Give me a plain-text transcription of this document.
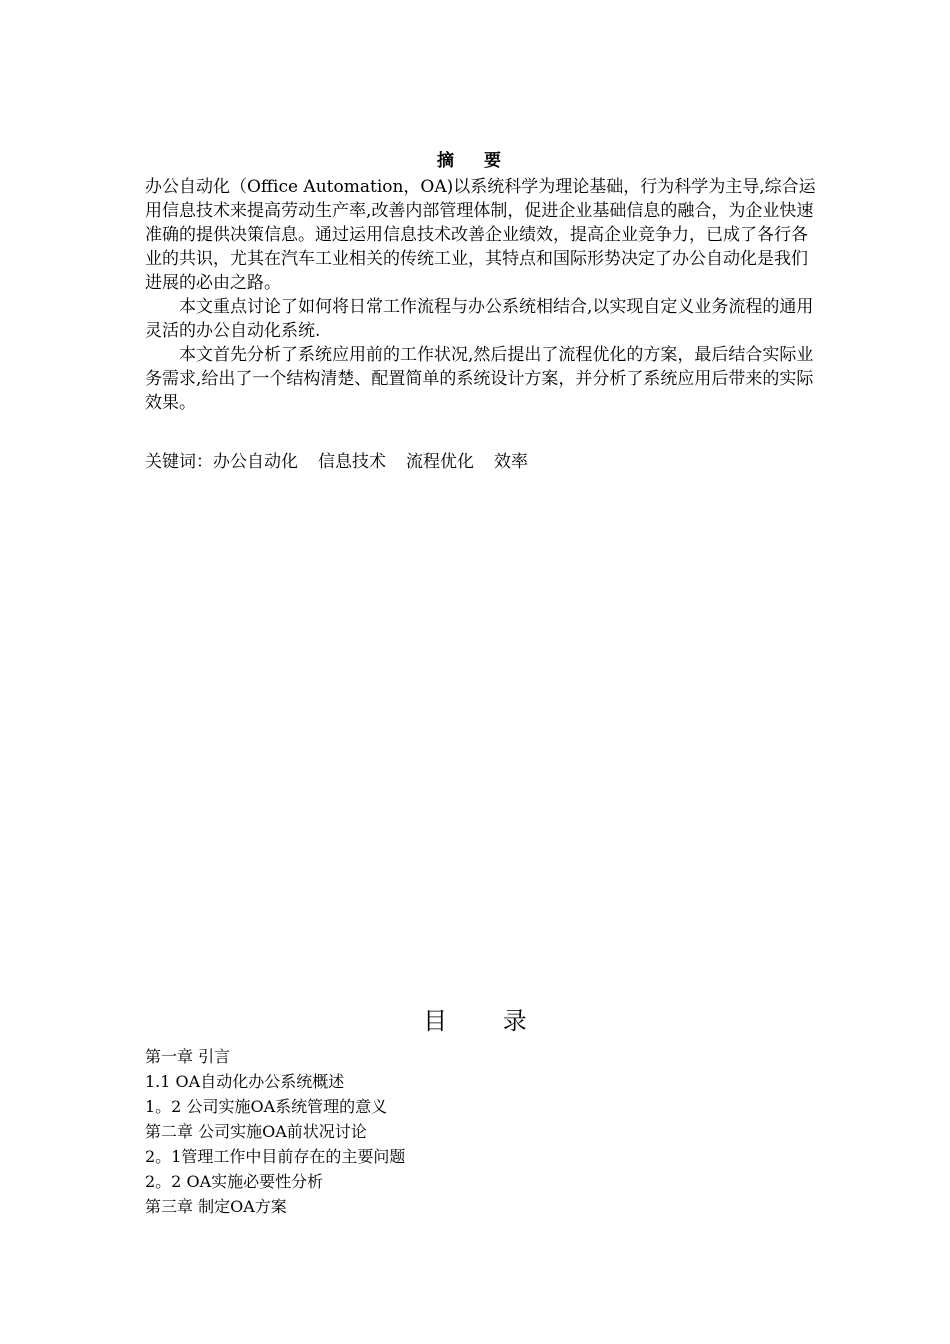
摘 要

办公自动化（Office Automation，OA)以系统科学为理论基础，行为科学为主导,综合运用信息技术来提高劳动生产率,改善内部管理体制，促进企业基础信息的融合，为企业快速准确的提供决策信息。通过运用信息技术改善企业绩效，提高企业竞争力，已成了各行各业的共识，尤其在汽车工业相关的传统工业，其特点和国际形势决定了办公自动化是我们进展的必由之路。

本文重点讨论了如何将日常工作流程与办公系统相结合,以实现自定义业务流程的通用灵活的办公自动化系统.

本文首先分析了系统应用前的工作状况,然后提出了流程优化的方案，最后结合实际业务需求,给出了一个结构清楚、配置简单的系统设计方案，并分析了系统应用后带来的实际效果。

关键词：办公自动化 信息技术 流程优化 效率
目 录
第一章 引言
1.1 OA自动化办公系统概述
1。2 公司实施OA系统管理的意义
第二章 公司实施OA前状况讨论
2。1管理工作中目前存在的主要问题
2。2 OA实施必要性分析
第三章 制定OA方案
